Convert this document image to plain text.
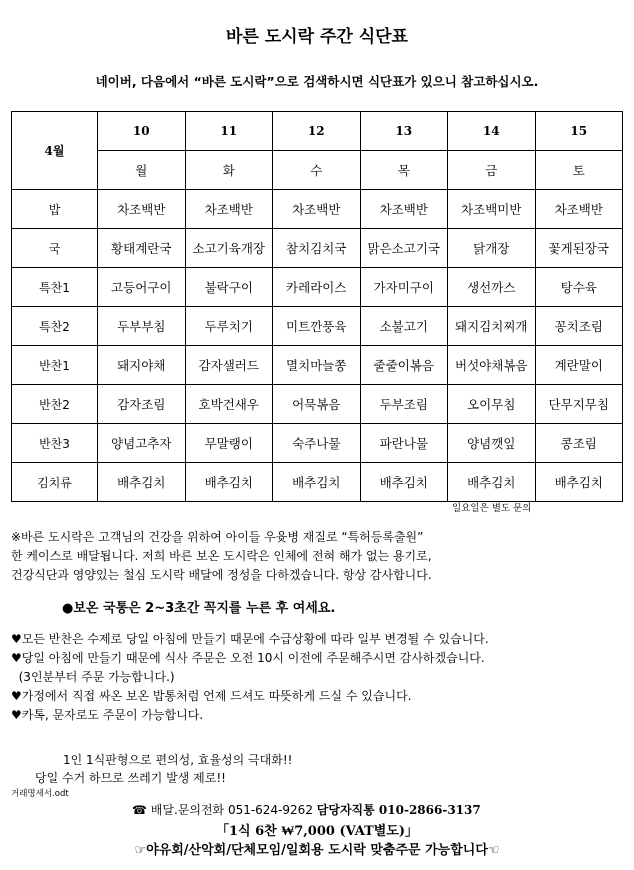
바른 도시락 주간 식단표
네이버, 다음에서 “바른 도시락”으로 검색하시면 식단표가 있으니 참고하십시오.
4월	10	11	12	13	14	15
	월	화	수	목	금	토
밥	차조백반	차조백반	차조백반	차조백반	차조백미반	차조백반
국	황태계란국	소고기육개장	참치김치국	맑은소고기국	닭개장	꽃게된장국
특찬1	고등어구이	불락구이	카레라이스	가자미구이	생선까스	탕수육
특찬2	두부부침	두루치기	미트깐풍육	소불고기	돼지김치찌개	꽁치조림
반찬1	돼지야채	감자샐러드	멸치마늘쫑	줄줄이볶음	버섯야채볶음	계란말이
반찬2	감자조림	호박건새우	어묵볶음	두부조림	오이무침	단무지무침
반찬3	양념고추자	무말랭이	숙주나물	파란나물	양념깻잎	콩조림
김치류	배추김치	배추김치	배추김치	배추김치	배추김치	배추김치
일요일은 별도 문의
※바른 도시락은 고객님의 건강을 위하여 아이들 우윳병 재질로 “특허등록출원”
한 케이스로 배달됩니다. 저희 바른 보온 도시락은 인체에 전혀 해가 없는 용기로,
건강식단과 영양있는 철심 도시락 배달에 정성을 다하겠습니다. 항상 감사합니다.
●보온 국통은 2~3초간 꼭지를 누른 후 여세요.
♥모든 반찬은 수제로 당일 아침에 만들기 때문에 수급상황에 따라 일부 변경될 수 있습니다.
♥당일 아침에 만들기 때문에 식사 주문은 오전 10시 이전에 주문해주시면 감사하겠습니다.
(3인분부터 주문 가능합니다.)
♥가정에서 직접 싸온 보온 밥통처럼 언제 드셔도 따뜻하게 드실 수 있습니다.
♥카톡, 문자로도 주문이 가능합니다.
1인 1식판형으로 편의성, 효율성의 극대화!!
당일 수거 하므로 쓰레기 발생 제로!!
거래명세서.odt
☎ 배달.문의전화 051-624-9262 담당자직통 010-2866-3137
「1식 6찬 ₩7,000 (VAT별도)」
☞야유회/산악회/단체모임/일회용 도시락 맞춤주문 가능합니다☜
